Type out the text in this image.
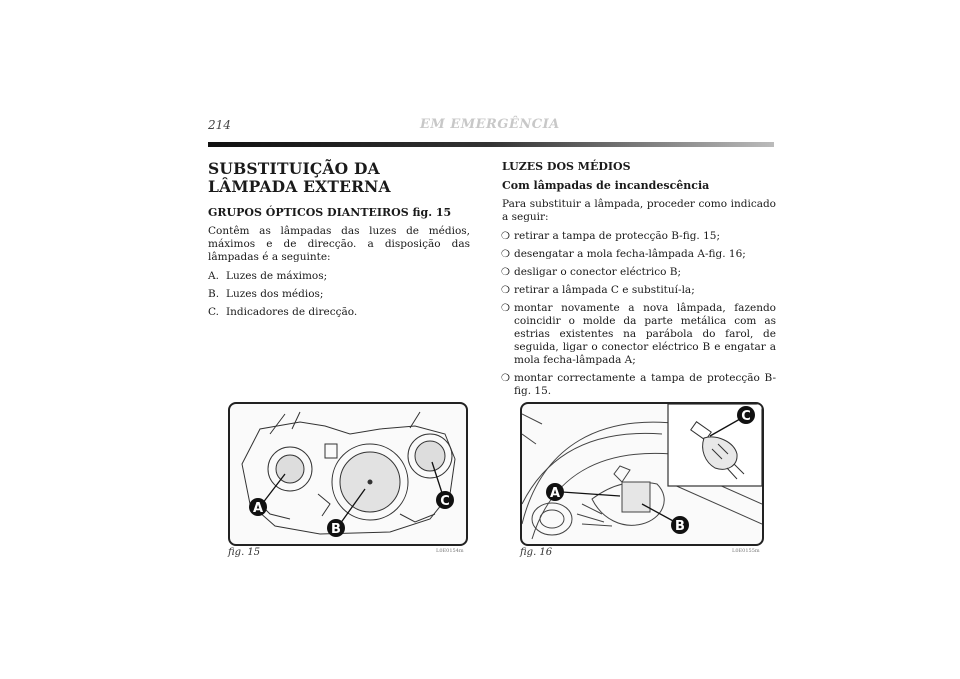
214	EM EMERGÊNCIA
SUBSTITUIÇÃO DA LÂMPADA EXTERNA
GRUPOS ÓPTICOS DIANTEIROS fig. 15
Contêm as lâmpadas das luzes de médios, máximos e de direcção. a disposição das lâmpadas é a seguinte:
A. Luzes de máximos;
B. Luzes dos médios;
C. Indicadores de direcção.
LUZES DOS MÉDIOS
Com lâmpadas de incandescência
Para substituir a lâmpada, proceder como indicado a seguir:
❍ retirar a tampa de protecção B-fig. 15;
❍ desengatar a mola fecha-lâmpada A-fig. 16;
❍ desligar o conector eléctrico B;
❍ retirar a lâmpada C e substituí-la;
❍ montar novamente a nova lâmpada, fazendo coincidir o molde da parte metálica com as estrias existentes na parábola do farol, de seguida, ligar o conector eléctrico B e engatar a mola fecha-lâmpada A;
❍ montar correctamente a tampa de protecção B-fig. 15.
A
B
C
fig. 15	L0E0154m
A
B
C
fig. 16	L0E0155m
